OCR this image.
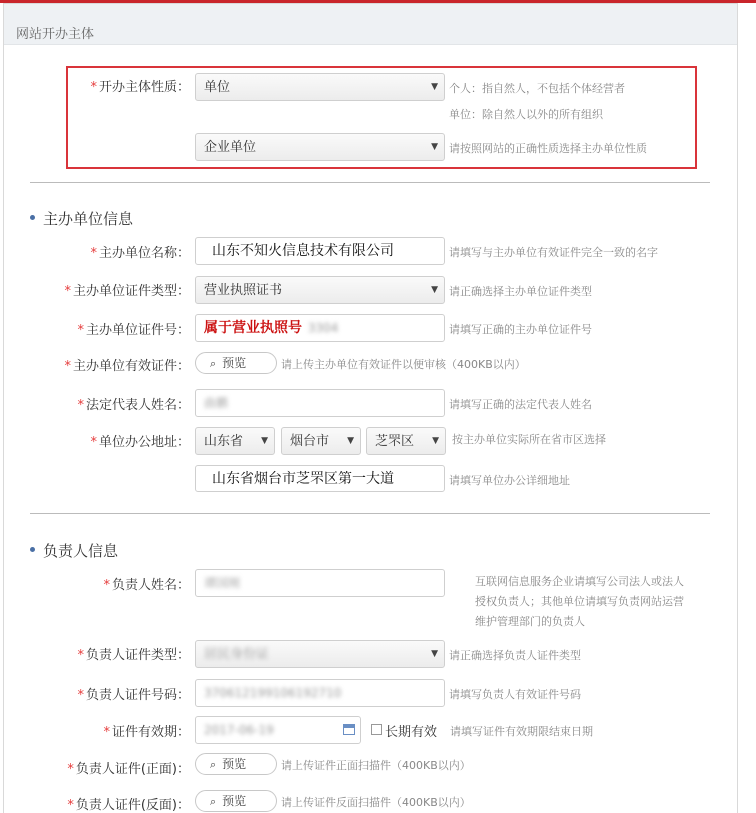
网站开办主体
* 开办主体性质：	单位	▼ 个人：指自然人，不包括个体经营者
单位：除自然人以外的所有组织
企业单位	▼ 请按照网站的正确性质选择主办单位性质
主办单位信息
* 主办单位名称：	山东不知火信息技术有限公司	请填写与主办单位有效证件完全一致的名字
* 主办单位证件类型：	营业执照证书	▼ 请正确选择主办单位证件类型
* 主办单位证件号：	属于营业执照号 3304	请填写正确的主办单位证件号
* 主办单位有效证件：	⌕ 预览	请上传主办单位有效证件以便审核（400KB以内）
* 法定代表人姓名：	曲鹏	请填写正确的法定代表人姓名
* 单位办公地址：	山东省 ▼	烟台市 ▼	芝罘区 ▼ 按主办单位实际所在省市区选择
山东省烟台市芝罘区第一大道	请填写单位办公详细地址
负责人信息
* 负责人姓名：	谭国刚	互联网信息服务企业请填写公司法人或法人
授权负责人；其他单位请填写负责网站运营
维护管理部门的负责人
* 负责人证件类型：	居民身份证	▼ 请正确选择负责人证件类型
* 负责人证件号码：	370612199106192710	请填写负责人有效证件号码
* 证件有效期：	2017-06-19	长期有效 请填写证件有效期限结束日期
* 负责人证件(正面)：	⌕ 预览	请上传证件正面扫描件（400KB以内）
* 负责人证件(反面)：	⌕ 预览	请上传证件反面扫描件（400KB以内）
